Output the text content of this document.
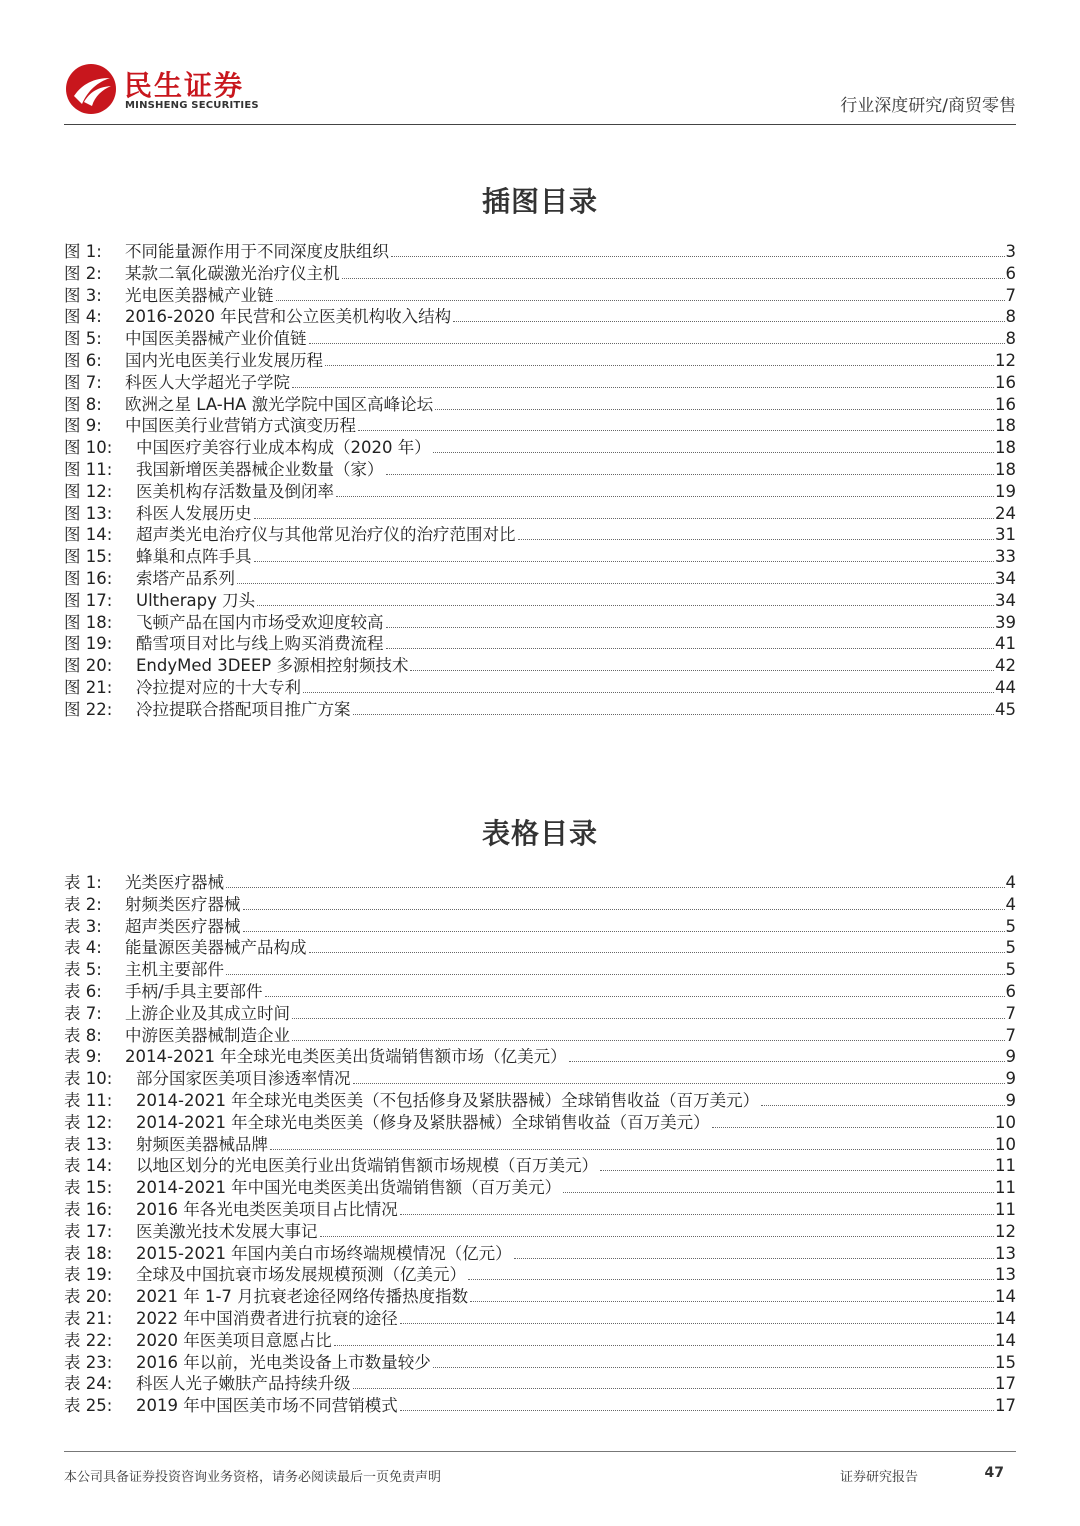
民生证券
MINSHENG SECURITIES	行业深度研究/商贸零售
插图目录
图 1:	不同能量源作用于不同深度皮肤组织	3
图 2:	某款二氧化碳激光治疗仪主机	6
图 3:	光电医美器械产业链	7
图 4:	2016-2020 年民营和公立医美机构收入结构	8
图 5:	中国医美器械产业价值链	8
图 6:	国内光电医美行业发展历程	12
图 7:	科医人大学超光子学院	16
图 8:	欧洲之星 LA-HA 激光学院中国区高峰论坛	16
图 9:	中国医美行业营销方式演变历程	18
图 10:	中国医疗美容行业成本构成（2020 年）	18
图 11:	我国新增医美器械企业数量（家）	18
图 12:	医美机构存活数量及倒闭率	19
图 13:	科医人发展历史	24
图 14:	超声类光电治疗仪与其他常见治疗仪的治疗范围对比	31
图 15:	蜂巢和点阵手具	33
图 16:	索塔产品系列	34
图 17:	Ultherapy 刀头	34
图 18:	飞顿产品在国内市场受欢迎度较高	39
图 19:	酷雪项目对比与线上购买消费流程	41
图 20:	EndyMed 3DEEP 多源相控射频技术	42
图 21:	冷拉提对应的十大专利	44
图 22:	冷拉提联合搭配项目推广方案	45
表格目录
表 1:	光类医疗器械	4
表 2:	射频类医疗器械	4
表 3:	超声类医疗器械	5
表 4:	能量源医美器械产品构成	5
表 5:	主机主要部件	5
表 6:	手柄/手具主要部件	6
表 7:	上游企业及其成立时间	7
表 8:	中游医美器械制造企业	7
表 9:	2014-2021 年全球光电类医美出货端销售额市场（亿美元）	9
表 10:	部分国家医美项目渗透率情况	9
表 11:	2014-2021 年全球光电类医美（不包括修身及紧肤器械）全球销售收益（百万美元）	9
表 12:	2014-2021 年全球光电类医美（修身及紧肤器械）全球销售收益（百万美元）	10
表 13:	射频医美器械品牌	10
表 14:	以地区划分的光电医美行业出货端销售额市场规模（百万美元）	11
表 15:	2014-2021 年中国光电类医美出货端销售额（百万美元）	11
表 16:	2016 年各光电类医美项目占比情况	11
表 17:	医美激光技术发展大事记	12
表 18:	2015-2021 年国内美白市场终端规模情况（亿元）	13
表 19:	全球及中国抗衰市场发展规模预测（亿美元）	13
表 20:	2021 年 1-7 月抗衰老途径网络传播热度指数	14
表 21:	2022 年中国消费者进行抗衰的途径	14
表 22:	2020 年医美项目意愿占比	14
表 23:	2016 年以前，光电类设备上市数量较少	15
表 24:	科医人光子嫩肤产品持续升级	17
表 25:	2019 年中国医美市场不同营销模式	17
本公司具备证券投资咨询业务资格，请务必阅读最后一页免责声明	证券研究报告	47
